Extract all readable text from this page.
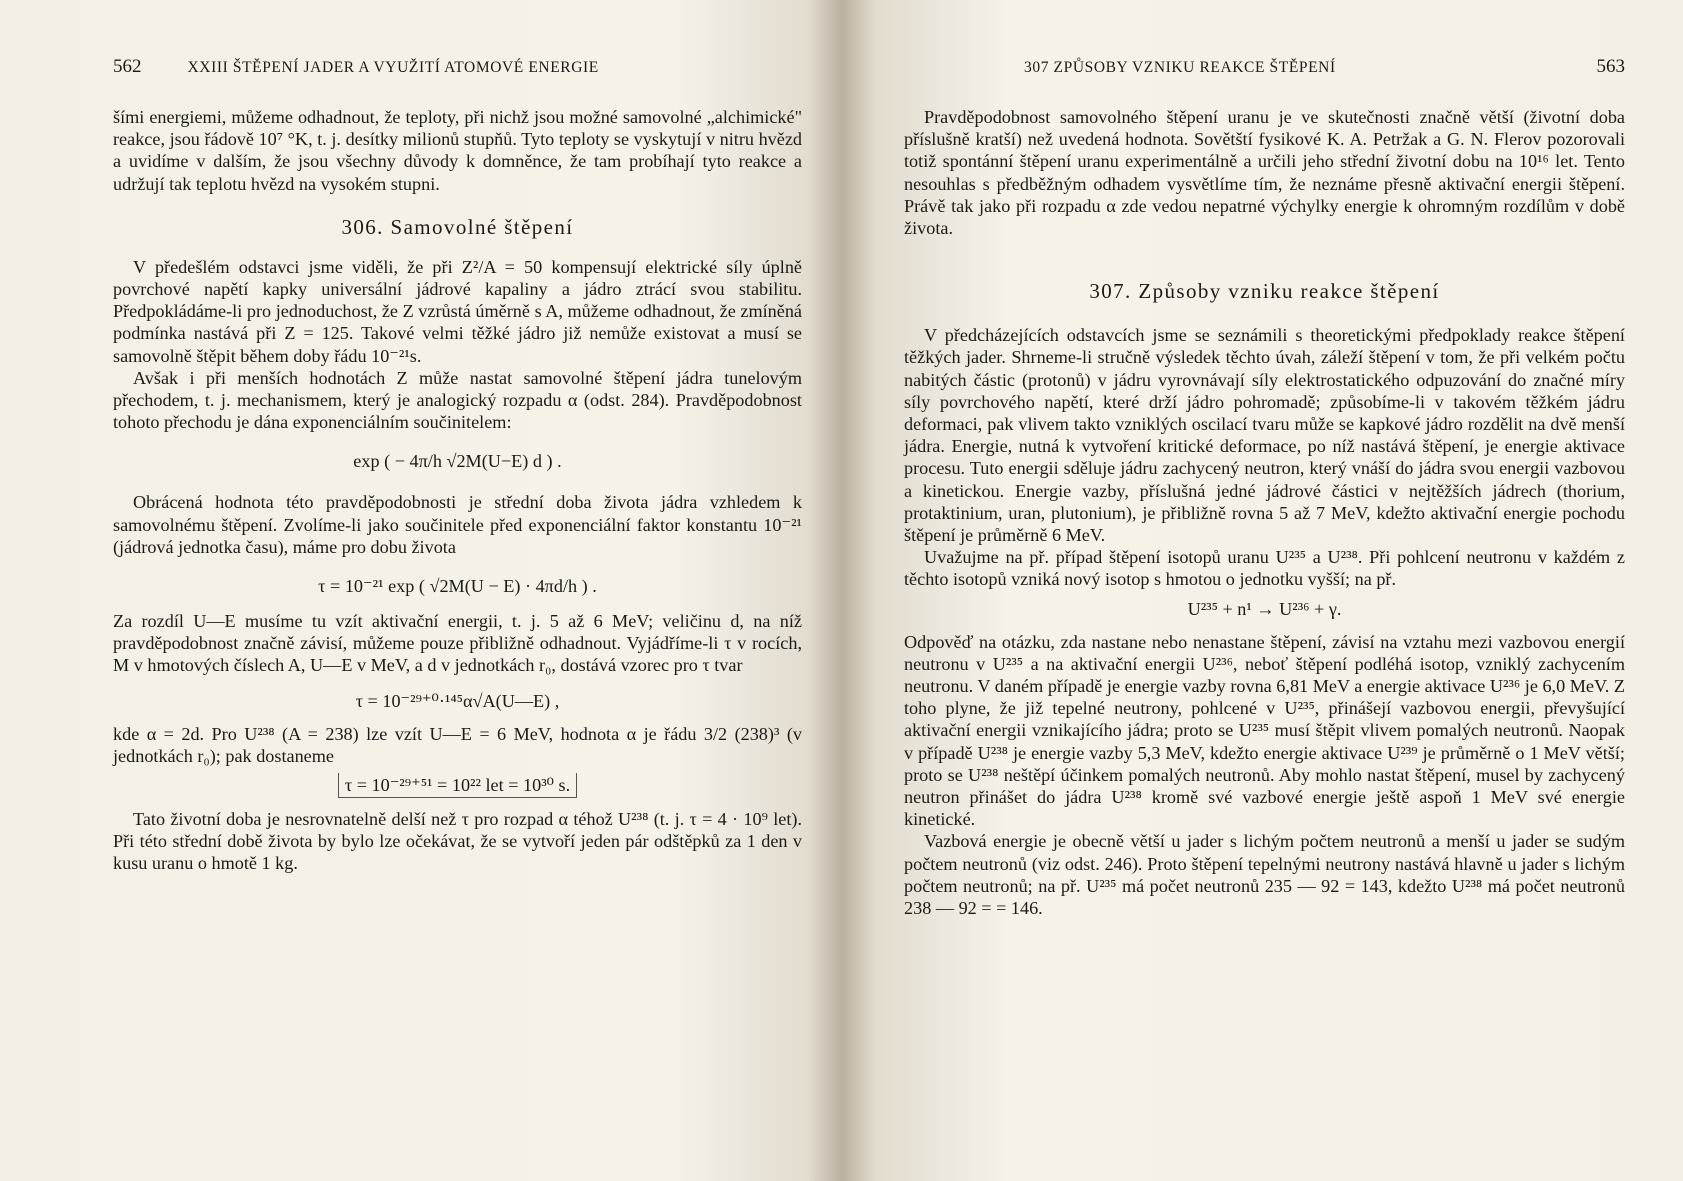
562	XXIII ŠTĚPENÍ JADER A VYUŽITÍ ATOMOVÉ ENERGIE

šími energiemi, můžeme odhadnout, že teploty, při nichž jsou možné samovolné „alchimické" reakce, jsou řádově 10⁷ °K, t. j. desítky milionů stupňů. Tyto teploty se vyskytují v nitru hvězd a uvidíme v dalším, že jsou všechny důvody k domněnce, že tam probíhají tyto reakce a udržují tak teplotu hvězd na vysokém stupni.

306. Samovolné štěpení

V předešlém odstavci jsme viděli, že při Z²/A = 50 kompensují elektrické síly úplně povrchové napětí kapky universální jádrové kapaliny a jádro ztrácí svou stabilitu. Předpokládáme-li pro jednoduchost, že Z vzrůstá úměrně s A, můžeme odhadnout, že zmíněná podmínka nastává při Z = 125. Takové velmi těžké jádro již nemůže existovat a musí se samovolně štěpit během doby řádu 10⁻²¹s.

Avšak i při menších hodnotách Z může nastat samovolné štěpení jádra tunelovým přechodem, t. j. mechanismem, který je analogický rozpadu α (odst. 284). Pravděpodobnost tohoto přechodu je dána exponenciálním součinitelem:

exp ( − 4π/h √2M(U−E) d ) .

Obrácená hodnota této pravděpodobnosti je střední doba života jádra vzhledem k samovolnému štěpení. Zvolíme-li jako součinitele před exponenciální faktor konstantu 10⁻²¹ (jádrová jednotka času), máme pro dobu života

τ = 10⁻²¹ exp ( √2M(U − E) · 4πd/h ) .

Za rozdíl U—E musíme tu vzít aktivační energii, t. j. 5 až 6 MeV; veličinu d, na níž pravděpodobnost značně závisí, můžeme pouze přibližně odhadnout. Vyjádříme-li τ v rocích, M v hmotových číslech A, U—E v MeV, a d v jednotkách r₀, dostává vzorec pro τ tvar

τ = 10⁻²⁹⁺⁰·¹⁴⁵α√A(U—E) ,

kde α = 2d. Pro U²³⁸ (A = 238) lze vzít U—E = 6 MeV, hodnota α je řádu 3/2 (238)³ (v jednotkách r₀); pak dostaneme

τ = 10⁻²⁹⁺⁵¹ = 10²² let = 10³⁰ s.

Tato životní doba je nesrovnatelně delší než τ pro rozpad α téhož U²³⁸ (t. j. τ = 4 · 10⁹ let). Při této střední době života by bylo lze očekávat, že se vytvoří jeden pár odštěpků za 1 den v kusu uranu o hmotě 1 kg.

307 ZPŮSOBY VZNIKU REAKCE ŠTĚPENÍ	563

Pravděpodobnost samovolného štěpení uranu je ve skutečnosti značně větší (životní doba příslušně kratší) než uvedená hodnota. Sovětští fysikové K. A. Petržak a G. N. Flerov pozorovali totiž spontánní štěpení uranu experimentálně a určili jeho střední životní dobu na 10¹⁶ let. Tento nesouhlas s předběžným odhadem vysvětlíme tím, že neznáme přesně aktivační energii štěpení. Právě tak jako při rozpadu α zde vedou nepatrné výchylky energie k ohromným rozdílům v době života.

307. Způsoby vzniku reakce štěpení

V předcházejících odstavcích jsme se seznámili s theoretickými předpoklady reakce štěpení těžkých jader. Shrneme-li stručně výsledek těchto úvah, záleží štěpení v tom, že při velkém počtu nabitých částic (protonů) v jádru vyrovnávají síly elektrostatického odpuzování do značné míry síly povrchového napětí, které drží jádro pohromadě; způsobíme-li v takovém těžkém jádru deformaci, pak vlivem takto vzniklých oscilací tvaru může se kapkové jádro rozdělit na dvě menší jádra. Energie, nutná k vytvoření kritické deformace, po níž nastává štěpení, je energie aktivace procesu. Tuto energii sděluje jádru zachycený neutron, který vnáší do jádra svou energii vazbovou a kinetickou. Energie vazby, příslušná jedné jádrové částici v nejtěžších jádrech (thorium, protaktinium, uran, plutonium), je přibližně rovna 5 až 7 MeV, kdežto aktivační energie pochodu štěpení je průměrně 6 MeV.

Uvažujme na př. případ štěpení isotopů uranu U²³⁵ a U²³⁸. Při pohlcení neutronu v každém z těchto isotopů vzniká nový isotop s hmotou o jednotku vyšší; na př.

U²³⁵ + n¹ → U²³⁶ + γ.

Odpověď na otázku, zda nastane nebo nenastane štěpení, závisí na vztahu mezi vazbovou energií neutronu v U²³⁵ a na aktivační energii U²³⁶, neboť štěpení podléhá isotop, vzniklý zachycením neutronu. V daném případě je energie vazby rovna 6,81 MeV a energie aktivace U²³⁶ je 6,0 MeV. Z toho plyne, že již tepelné neutrony, pohlcené v U²³⁵, přinášejí vazbovou energii, převyšující aktivační energii vznikajícího jádra; proto se U²³⁵ musí štěpit vlivem pomalých neutronů. Naopak v případě U²³⁸ je energie vazby 5,3 MeV, kdežto energie aktivace U²³⁹ je průměrně o 1 MeV větší; proto se U²³⁸ neštěpí účinkem pomalých neutronů. Aby mohlo nastat štěpení, musel by zachycený neutron přinášet do jádra U²³⁸ kromě své vazbové energie ještě aspoň 1 MeV své energie kinetické.

Vazbová energie je obecně větší u jader s lichým počtem neutronů a menší u jader se sudým počtem neutronů (viz odst. 246). Proto štěpení tepelnými neutrony nastává hlavně u jader s lichým počtem neutronů; na př. U²³⁵ má počet neutronů 235 — 92 = 143, kdežto U²³⁸ má počet neutronů 238 — 92 = = 146.
